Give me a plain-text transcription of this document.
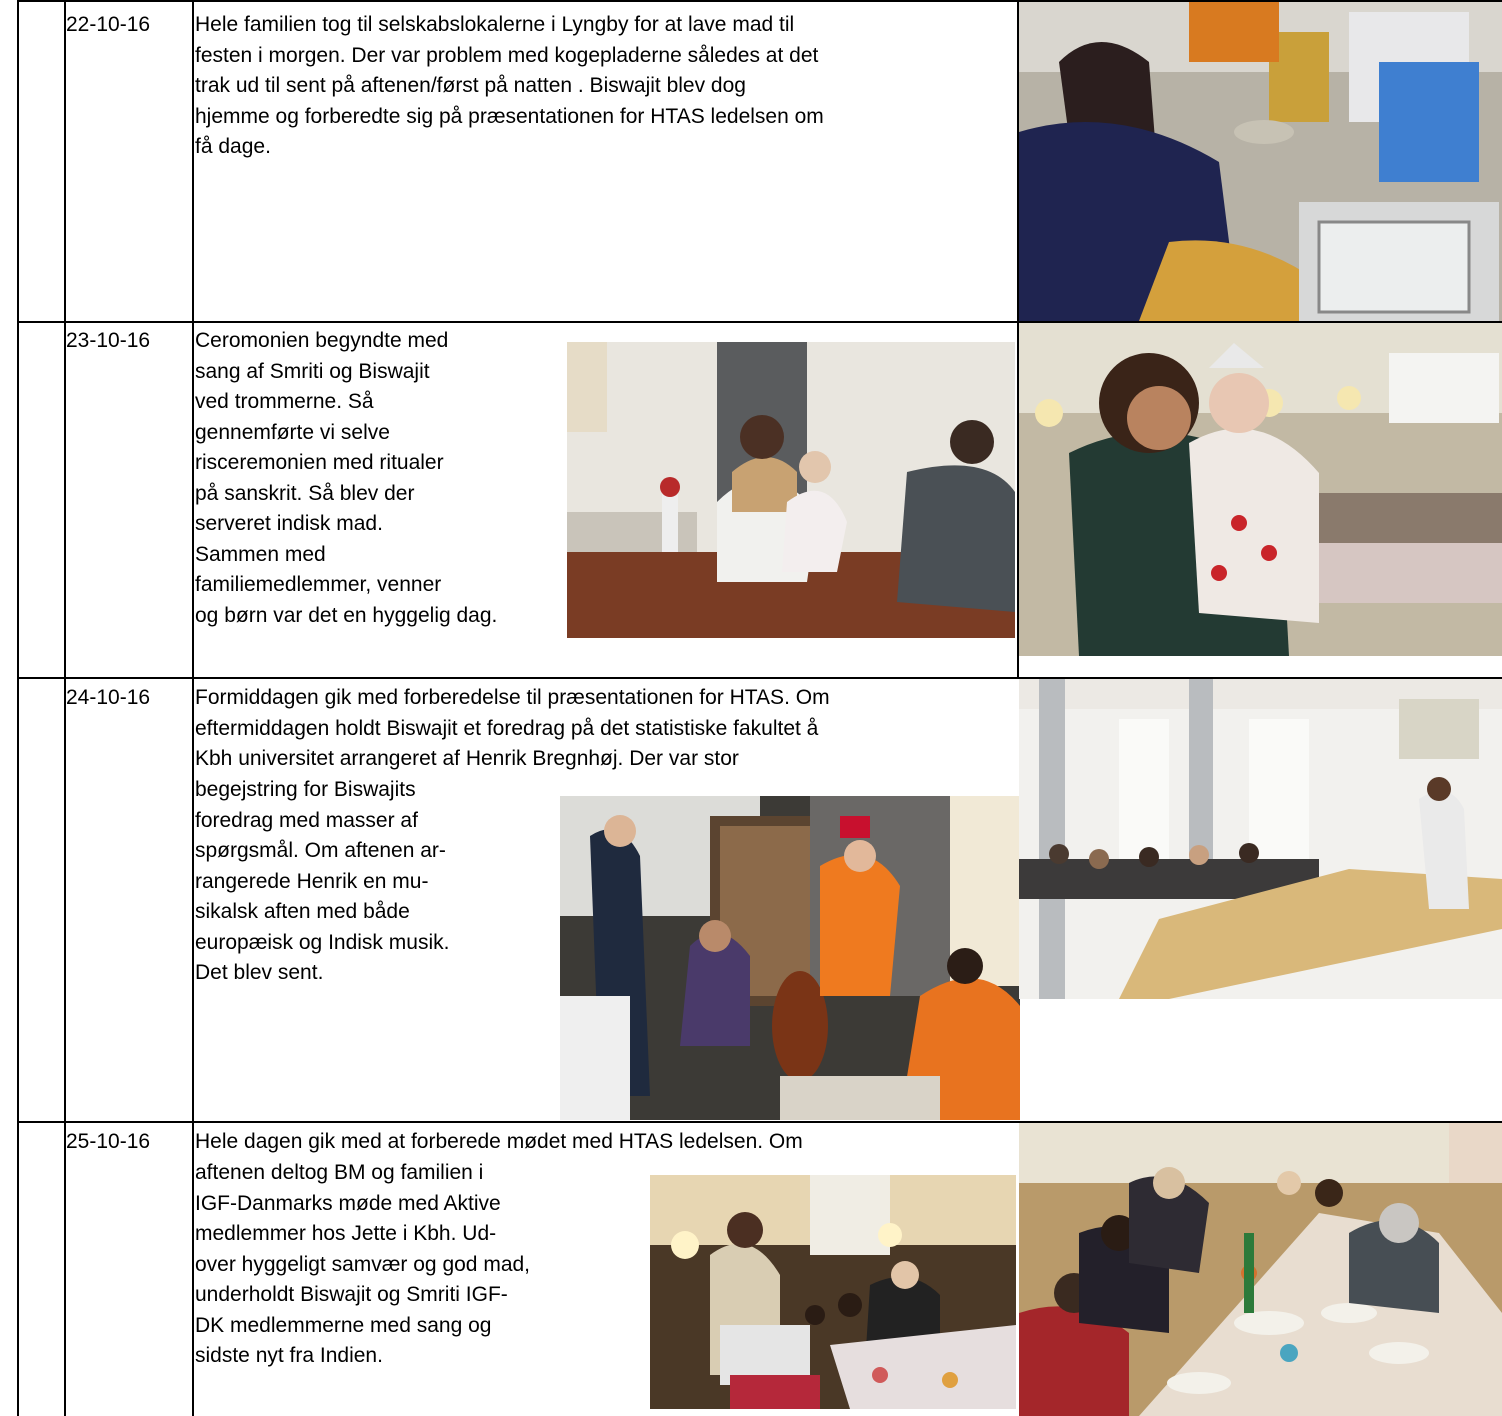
22-10-16	Hele familien tog til selskabslokalerne i Lyngby for at lave mad til
festen i morgen. Der var problem med kogepladerne således at det
trak ud til sent på aftenen/først på natten . Biswajit blev dog
hjemme og forberedte sig på præsentationen for HTAS ledelsen om
få dage.
23-10-16	Ceromonien begyndte med
sang af Smriti og Biswajit
ved trommerne. Så
gennemførte vi selve
risceremonien med ritualer
på sanskrit. Så blev der
serveret indisk mad.
Sammen med
familiemedlemmer, venner
og børn var det en hyggelig dag.
24-10-16	Formiddagen gik med forberedelse til præsentationen for HTAS. Om
eftermiddagen holdt Biswajit et foredrag på det statistiske fakultet å
Kbh universitet arrangeret af Henrik Bregnhøj. Der var stor
begejstring for Biswajits
foredrag med masser af
spørgsmål. Om aftenen ar-
rangerede Henrik en mu-
sikalsk aften med både
europæisk og Indisk musik.
Det blev sent.
25-10-16	Hele dagen gik med at forberede mødet med HTAS ledelsen. Om
aftenen deltog BM og familien i
IGF-Danmarks møde med Aktive
medlemmer hos Jette i Kbh. Ud-
over hyggeligt samvær og god mad,
underholdt Biswajit og Smriti IGF-
DK medlemmerne med sang og
sidste nyt fra Indien.
